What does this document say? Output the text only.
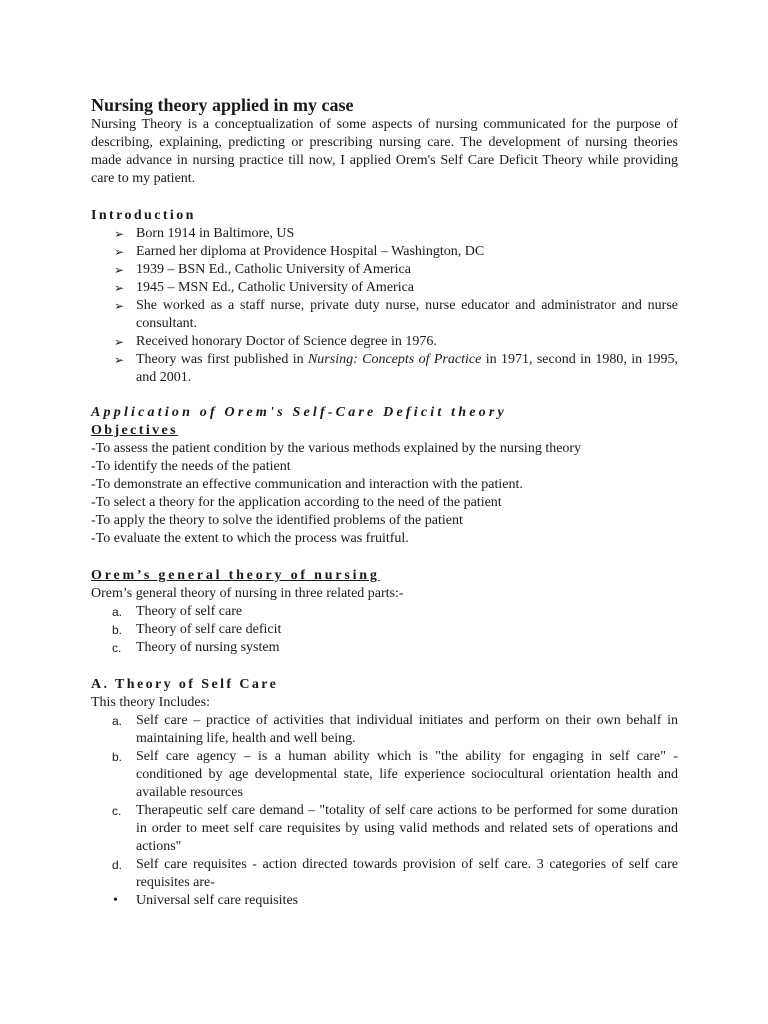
Nursing theory applied in my case

Nursing Theory is a conceptualization of some aspects of nursing communicated for the purpose of describing, explaining, predicting or prescribing nursing care. The development of nursing theories made advance in nursing practice till now, I applied Orem's Self Care Deficit Theory while providing care to my patient.

Introduction
➢ Born 1914 in Baltimore, US
➢ Earned her diploma at Providence Hospital – Washington, DC
➢ 1939 – BSN Ed., Catholic University of America
➢ 1945 – MSN Ed., Catholic University of America
➢ She worked as a staff nurse, private duty nurse, nurse educator and administrator and nurse consultant.
➢ Received honorary Doctor of Science degree in 1976.
➢ Theory was first published in Nursing: Concepts of Practice in 1971, second in 1980, in 1995, and 2001.
Application of Orem's Self-Care Deficit theory
Objectives
-To assess the patient condition by the various methods explained by the nursing theory
-To identify the needs of the patient
-To demonstrate an effective communication and interaction with the patient.
-To select a theory for the application according to the need of the patient
-To apply the theory to solve the identified problems of the patient
-To evaluate the extent to which the process was fruitful.
Orem’s general theory of nursing

Orem’s general theory of nursing in three related parts:-

a. Theory of self care
b. Theory of self care deficit
c. Theory of nursing system
A. Theory of Self Care

This theory Includes:

a. Self care – practice of activities that individual initiates and perform on their own behalf in maintaining life, health and well being.
b. Self care agency – is a human ability which is "the ability for engaging in self care" - conditioned by age developmental state, life experience sociocultural orientation health and available resources
c. Therapeutic self care demand – "totality of self care actions to be performed for some duration in order to meet self care requisites by using valid methods and related sets of operations and actions"
d. Self care requisites - action directed towards provision of self care. 3 categories of self care requisites are-
• Universal self care requisites
